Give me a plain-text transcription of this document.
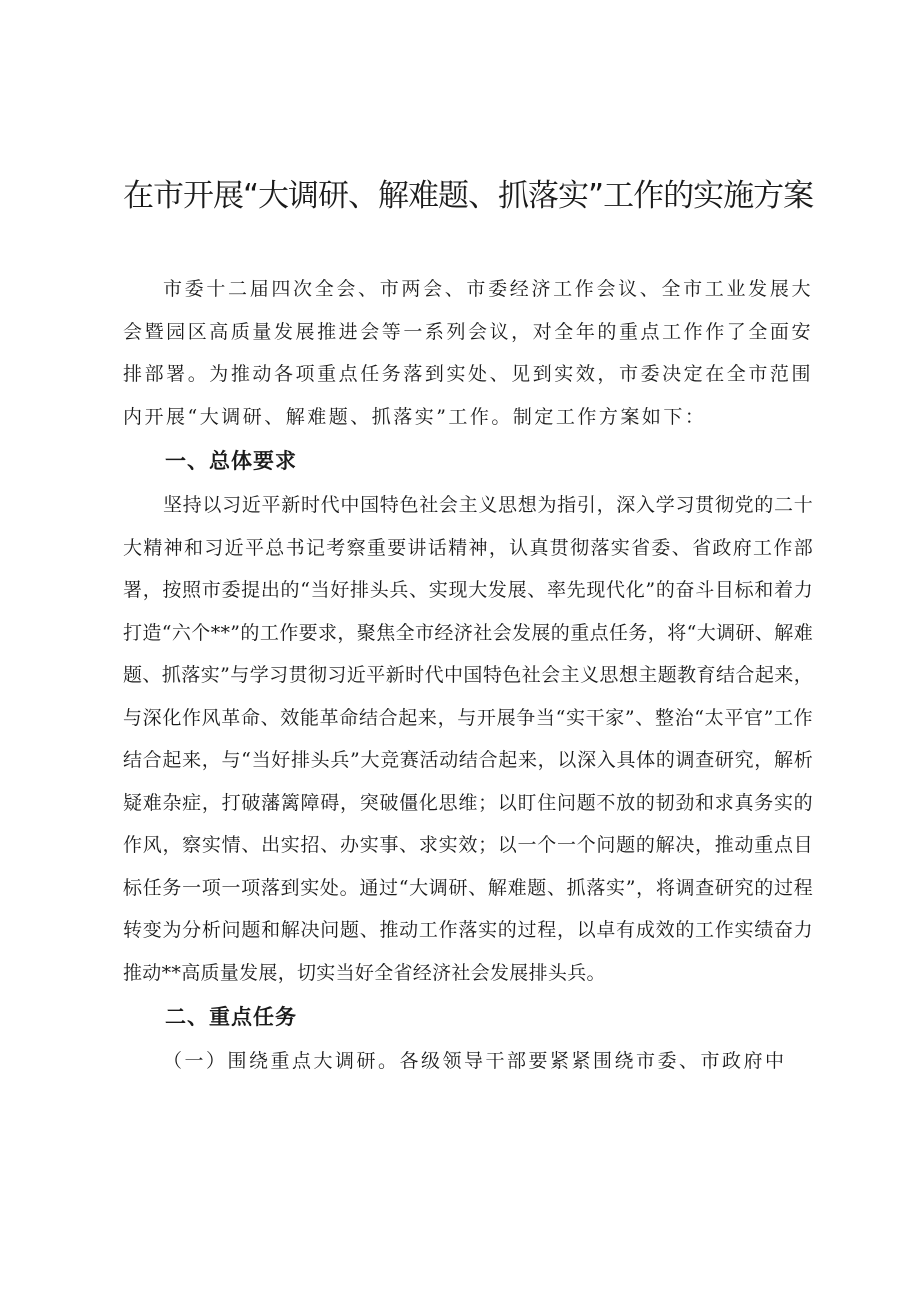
在市开展“大调研、解难题、抓落实”工作的实施方案

市委十二届四次全会、市两会、市委经济工作会议、全市工业发展大会暨园区高质量发展推进会等一系列会议，对全年的重点工作作了全面安排部署。为推动各项重点任务落到实处、见到实效，市委决定在全市范围内开展“大调研、解难题、抓落实”工作。制定工作方案如下：

一、总体要求

坚持以习近平新时代中国特色社会主义思想为指引，深入学习贯彻党的二十大精神和习近平总书记考察重要讲话精神，认真贯彻落实省委、省政府工作部署，按照市委提出的“当好排头兵、实现大发展、率先现代化”的奋斗目标和着力打造“六个**”的工作要求，聚焦全市经济社会发展的重点任务，将“大调研、解难题、抓落实”与学习贯彻习近平新时代中国特色社会主义思想主题教育结合起来，与深化作风革命、效能革命结合起来，与开展争当“实干家”、整治“太平官”工作结合起来，与“当好排头兵”大竞赛活动结合起来，以深入具体的调查研究，解析疑难杂症，打破藩篱障碍，突破僵化思维；以盯住问题不放的韧劲和求真务实的作风，察实情、出实招、办实事、求实效；以一个一个问题的解决，推动重点目标任务一项一项落到实处。通过“大调研、解难题、抓落实”，将调查研究的过程转变为分析问题和解决问题、推动工作落实的过程，以卓有成效的工作实绩奋力推动**高质量发展，切实当好全省经济社会发展排头兵。

二、重点任务

（一）围绕重点大调研。各级领导干部要紧紧围绕市委、市政府中
